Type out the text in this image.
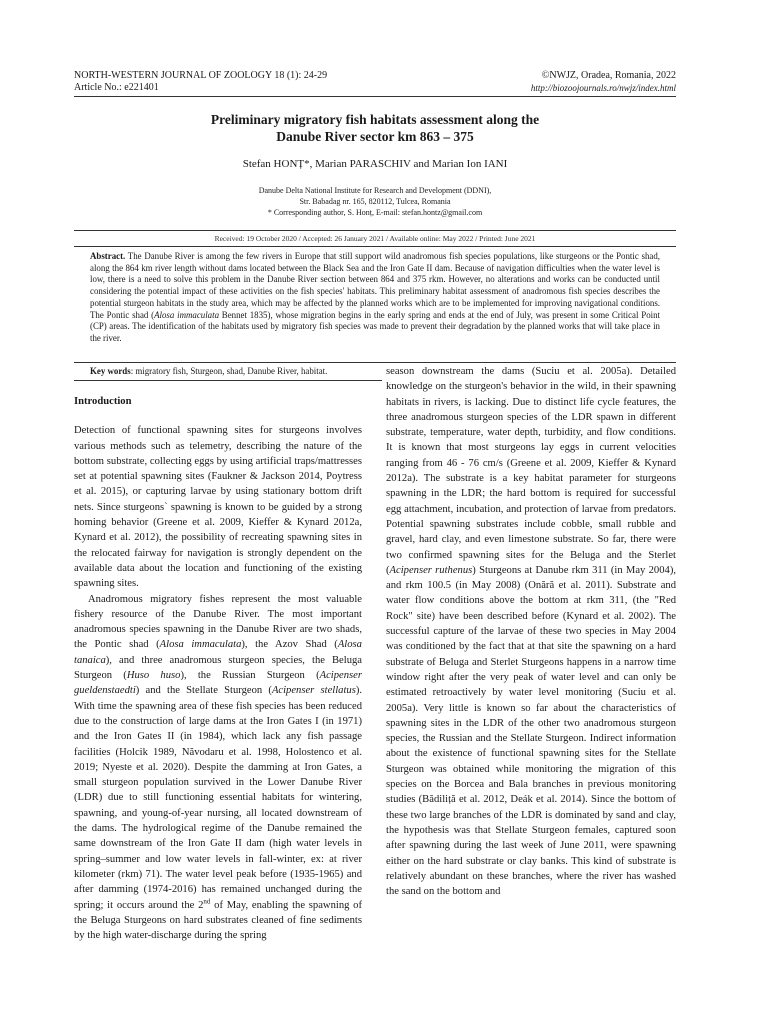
NORTH-WESTERN JOURNAL OF ZOOLOGY 18 (1): 24-29
Article No.: e221401
©NWJZ, Oradea, Romania, 2022
http://biozoojournals.ro/nwjz/index.html
Preliminary migratory fish habitats assessment along the
Danube River sector km 863 – 375
Stefan HONȚ*, Marian PARASCHIV and Marian Ion IANI
Danube Delta National Institute for Research and Development (DDNI),
Str. Babadag nr. 165, 820112, Tulcea, Romania
* Corresponding author, S. Honț, E-mail: stefan.hontz@gmail.com
Received: 19 October 2020 / Accepted: 26 January 2021 / Available online: May 2022 / Printed: June 2021
Abstract. The Danube River is among the few rivers in Europe that still support wild anadromous fish species populations, like sturgeons or the Pontic shad, along the 864 km river length without dams located between the Black Sea and the Iron Gate II dam. Because of navigation difficulties when the water level is low, there is a need to solve this problem in the Danube River section between 864 and 375 rkm. However, no alterations and works can be conducted until considering the potential impact of these activities on the fish species' habitats. This preliminary habitat assessment of anadromous fish species describes the potential sturgeon habitats in the study area, which may be affected by the planned works which are to be implemented for improving navigational conditions. The Pontic shad (Alosa immaculata Bennet 1835), whose migration begins in the early spring and ends at the end of July, was present in some Critical Point (CP) areas. The identification of the habitats used by migratory fish species was made to prevent their degradation by the planned works that will take place in the river.
Key words: migratory fish, Sturgeon, shad, Danube River, habitat.

Introduction

Detection of functional spawning sites for sturgeons involves various methods such as telemetry, describing the nature of the bottom substrate, collecting eggs by using artificial traps/mattresses set at potential spawning sites (Faukner & Jackson 2014, Poytress et al. 2015), or capturing larvae by using stationary bottom drift nets. Since sturgeons` spawning is known to be guided by a strong homing behavior (Greene et al. 2009, Kieffer & Kynard 2012a, Kynard et al. 2012), the possibility of recreating spawning sites in the relocated fairway for navigation is strongly dependent on the available data about the location and functioning of the existing spawning sites.

Anadromous migratory fishes represent the most valuable fishery resource of the Danube River. The most important anadromous species spawning in the Danube River are two shads, the Pontic shad (Alosa immaculata), the Azov Shad (Alosa tanaica), and three anadromous sturgeon species, the Beluga Sturgeon (Huso huso), the Russian Sturgeon (Acipenser gueldenstaedti) and the Stellate Sturgeon (Acipenser stellatus). With time the spawning area of these fish species has been reduced due to the construction of large dams at the Iron Gates I (in 1971) and the Iron Gates II (in 1984), which lack any fish passage facilities (Holcik 1989, Năvodaru et al. 1998, Holostenco et al. 2019; Nyeste et al. 2020). Despite the damming at Iron Gates, a small sturgeon population survived in the Lower Danube River (LDR) due to still functioning essential habitats for wintering, spawning, and young-of-year nursing, all located downstream of the dams. The hydrological regime of the Danube remained the same downstream of the Iron Gate II dam (high water levels in spring–summer and low water levels in fall-winter, ex: at river kilometer (rkm) 71). The water level peak before (1935-1965) and after damming (1974-2016) has remained unchanged during the spring; it occurs around the 2nd of May, enabling the spawning of the Beluga Sturgeons on hard substrates cleaned of fine sediments by the high water-discharge during the spring

season downstream the dams (Suciu et al. 2005a). Detailed knowledge on the sturgeon's behavior in the wild, in their spawning habitats in rivers, is lacking. Due to distinct life cycle features, the three anadromous sturgeon species of the LDR spawn in different substrate, temperature, water depth, turbidity, and flow conditions. It is known that most sturgeons lay eggs in current velocities ranging from 46 - 76 cm/s (Greene et al. 2009, Kieffer & Kynard 2012a). The substrate is a key habitat parameter for sturgeons spawning in the LDR; the hard bottom is required for successful egg attachment, incubation, and protection of larvae from predators. Potential spawning substrates include cobble, small rubble and gravel, hard clay, and even limestone substrate. So far, there were two confirmed spawning sites for the Beluga and the Sterlet (Acipenser ruthenus) Sturgeons at Danube rkm 311 (in May 2004), and rkm 100.5 (in May 2008) (Onără et al. 2011). Substrate and water flow conditions above the bottom at rkm 311, (the "Red Rock" site) have been described before (Kynard et al. 2002). The successful capture of the larvae of these two species in May 2004 was conditioned by the fact that at that site the spawning on a hard substrate of Beluga and Sterlet Sturgeons happens in a narrow time window right after the very peak of water level and can only be estimated retroactively by water level monitoring (Suciu et al. 2005a). Very little is known so far about the characteristics of spawning sites in the LDR of the other two anadromous sturgeon species, the Russian and the Stellate Sturgeon. Indirect information about the existence of functional spawning sites for the Stellate Sturgeon was obtained while monitoring the migration of this species on the Borcea and Bala branches in previous monitoring studies (Bădiliță et al. 2012, Deák et al. 2014). Since the bottom of these two large branches of the LDR is dominated by sand and clay, the hypothesis was that Stellate Sturgeon females, captured soon after spawning during the last week of June 2011, were spawning either on the hard substrate or clay banks. This kind of substrate is relatively abundant on these branches, where the river has washed the sand on the bottom and
